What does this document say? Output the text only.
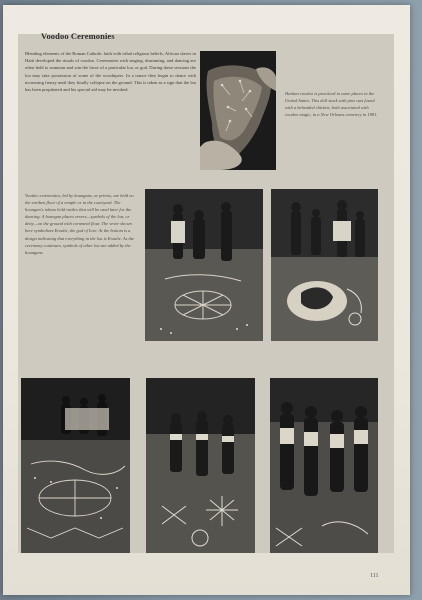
Voodoo Ceremonies
Blending elements of the Roman Catholic faith with tribal religious beliefs, African slaves in Haiti developed the rituals of voodoo. Ceremonies with singing, drumming, and dancing are often held to summon and win the favor of a particular loa, or god. During these sessions the loa may take possession of some of the worshipers. In a trance they begin to dance with increasing frenzy until they finally collapse on the ground. This is taken as a sign that the loa has been propitiated and his special aid may be invoked.
Haitian voodoo is practiced in some places in the United States. This doll stuck with pins was found with a beheaded chicken, both associated with voodoo magic, in a New Orleans cemetery in 1981.
Voodoo ceremonies, led by houngans, or priests, are held on the earthen floor of a temple or in the courtyard. The houngan's tokens hold rattles that will be used later for the dancing. A houngan places vevers—symbols of the loa, or deity—on the ground with cornmeal flour. The vever shown here symbolizes Erzulie, the god of love. At the bottom is a design indicating that everything in the loa is Erzulie. As the ceremony continues, symbols of other loa are added by the houngans.
111
